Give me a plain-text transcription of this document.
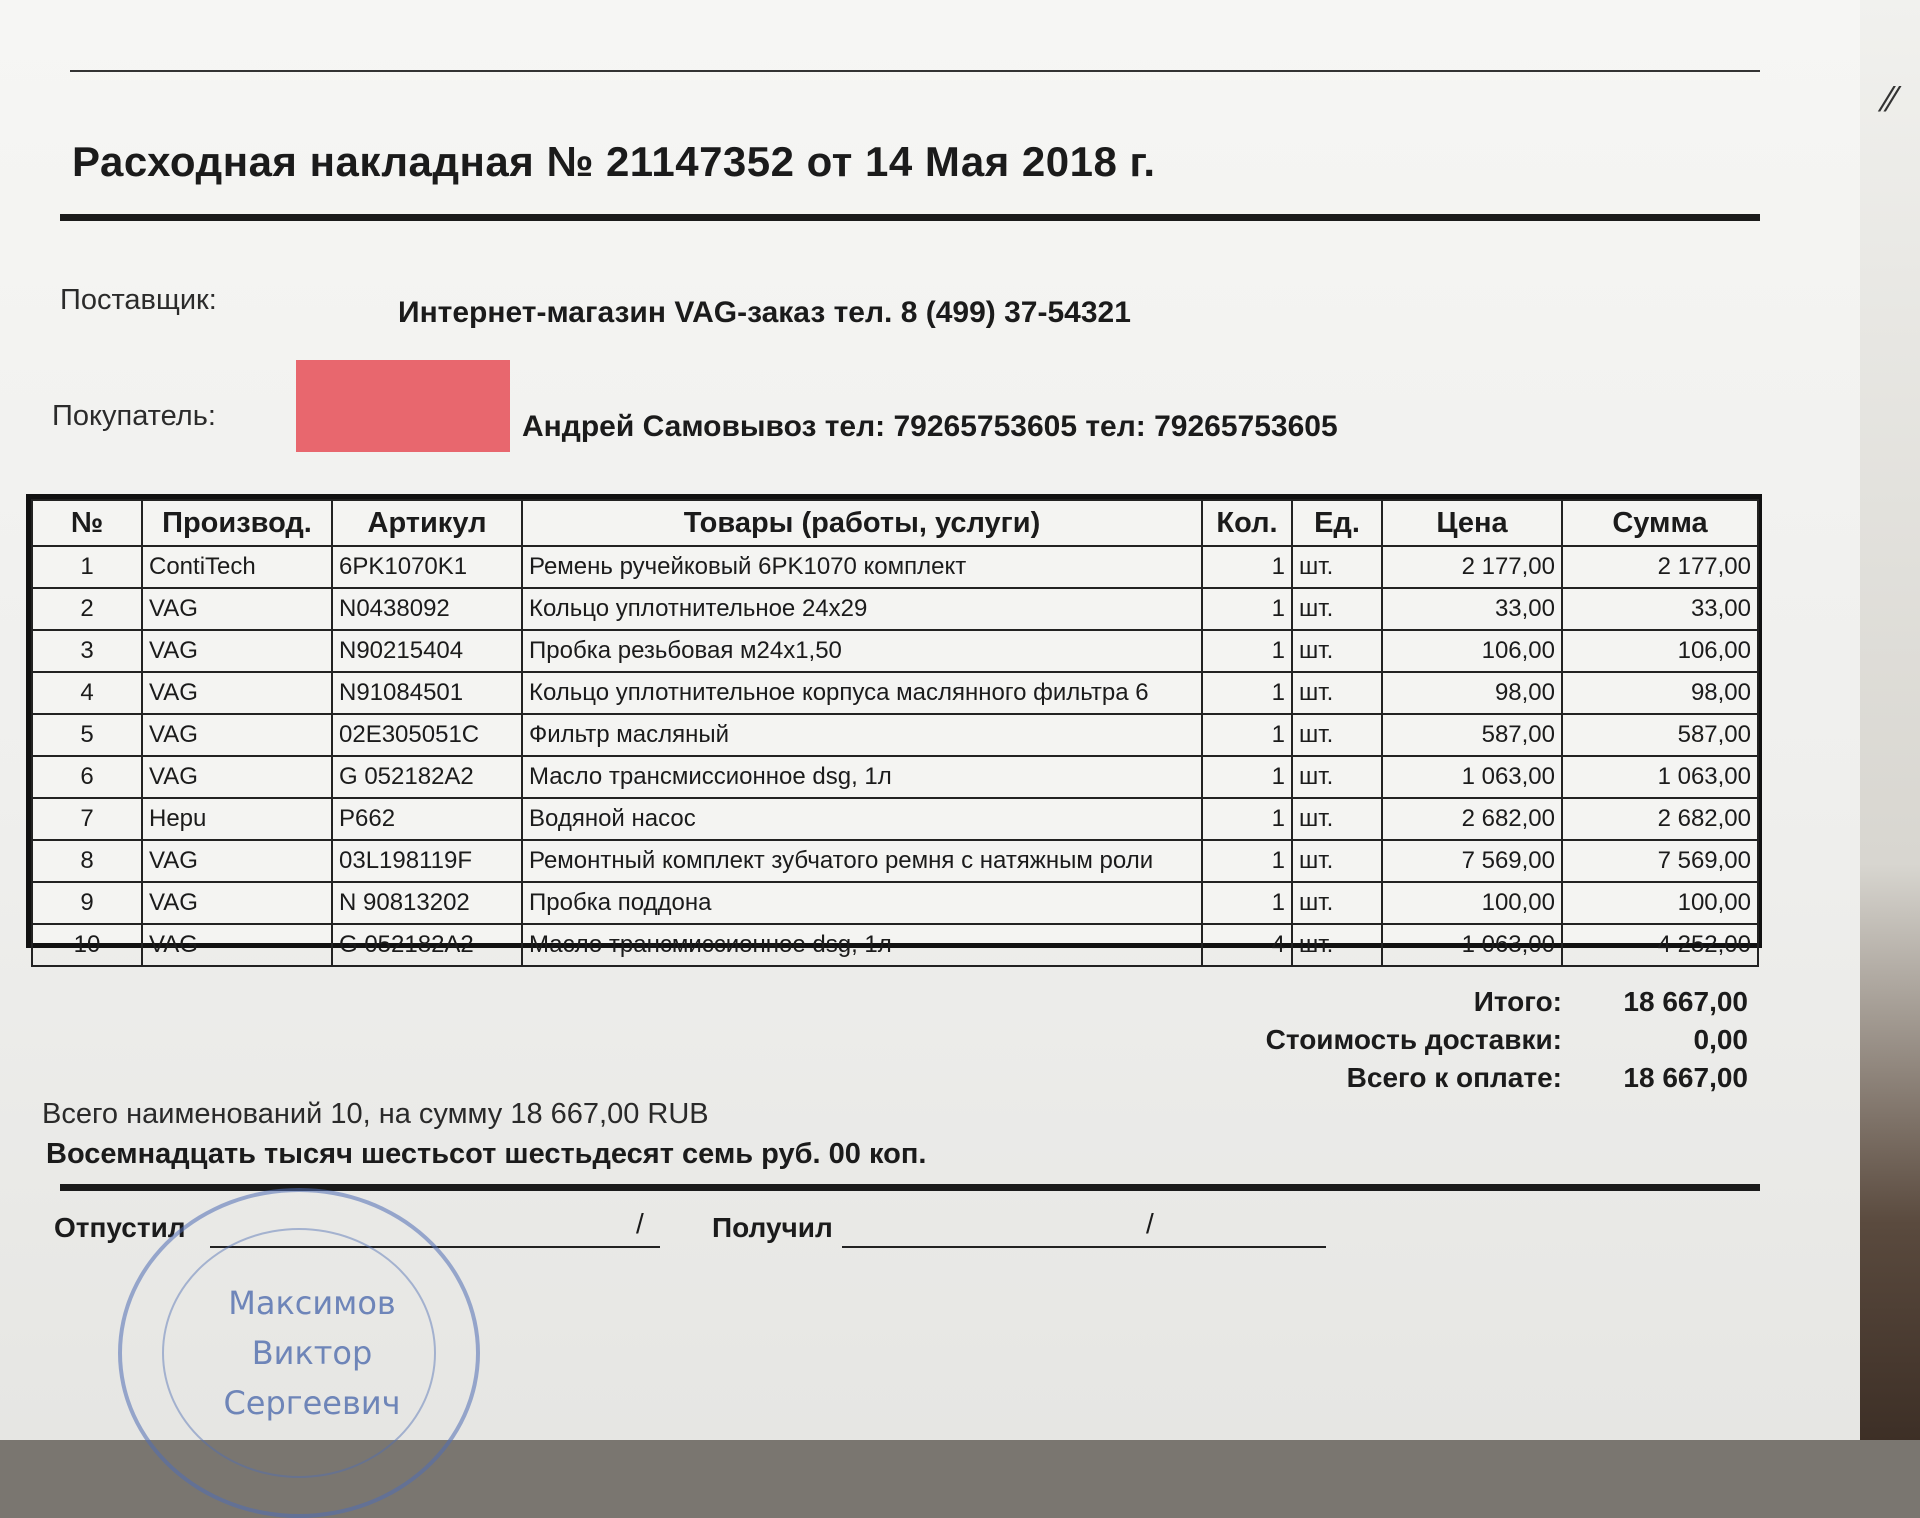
Расходная накладная № 21147352 от 14 Мая 2018 г.
Поставщик:	Интернет-магазин VAG-заказ тел. 8 (499) 37-54321
Покупатель:	Андрей Самовывоз тел: 79265753605 тел: 79265753605
№	Производ.	Артикул	Товары (работы, услуги)	Кол.	Ед.	Цена	Сумма
1	ContiTech	6PK1070K1	Ремень ручейковый 6PK1070 комплект	1	шт.	2 177,00	2 177,00
2	VAG	N0438092	Кольцо уплотнительное 24x29	1	шт.	33,00	33,00
3	VAG	N90215404	Пробка резьбовая м24x1,50	1	шт.	106,00	106,00
4	VAG	N91084501	Кольцо уплотнительное корпуса маслянного фильтра 6	1	шт.	98,00	98,00
5	VAG	02E305051C	Фильтр масляный	1	шт.	587,00	587,00
6	VAG	G 052182A2	Масло трансмиссионное dsg, 1л	1	шт.	1 063,00	1 063,00
7	Hepu	P662	Водяной насос	1	шт.	2 682,00	2 682,00
8	VAG	03L198119F	Ремонтный комплект зубчатого ремня с натяжным роли	1	шт.	7 569,00	7 569,00
9	VAG	N 90813202	Пробка поддона	1	шт.	100,00	100,00
10	VAG	G 052182A2	Масло трансмиссионное dsg, 1л	4	шт.	1 063,00	4 252,00
Итого:	18 667,00
Стоимость доставки:	0,00
Всего к оплате:	18 667,00
Всего наименований 10, на сумму 18 667,00 RUB
Восемнадцать тысяч шестьсот шестьдесят семь руб. 00 коп.
Отпустил	/ Получил	/
Максимов
Виктор
Сергеевич
⁄⁄
